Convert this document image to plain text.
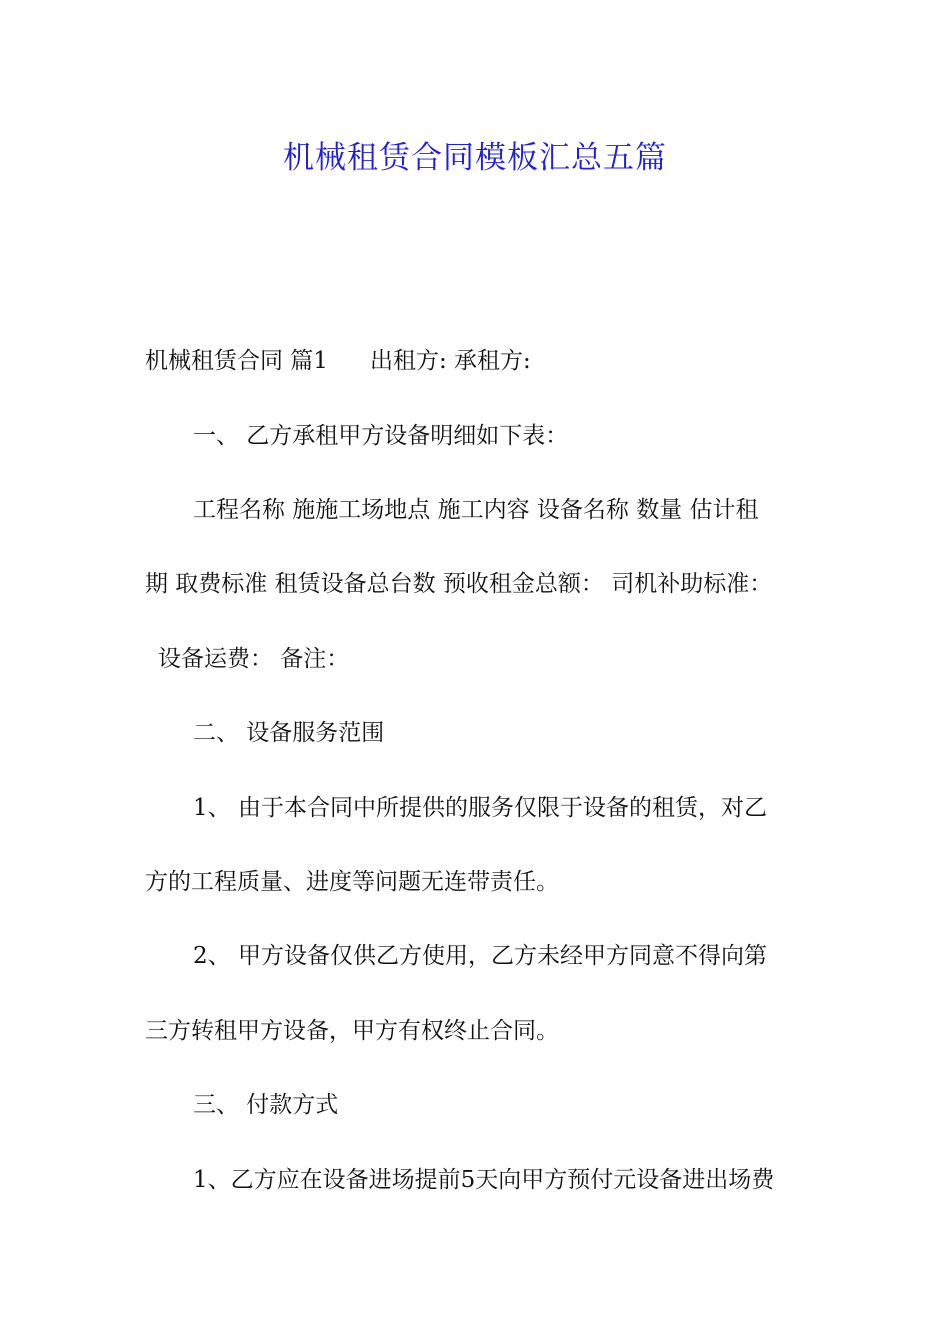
机械租赁合同模板汇总五篇
机械租赁合同 篇1 出租方: 承租方:
一、 乙方承租甲方设备明细如下表：
工程名称 施施工场地点 施工内容 设备名称 数量 估计租
期 取费标准 租赁设备总台数 预收租金总额： 司机补助标准：
设备运费： 备注：
二、 设备服务范围
1、 由于本合同中所提供的服务仅限于设备的租赁，对乙
方的工程质量、进度等问题无连带责任。
2、 甲方设备仅供乙方使用，乙方未经甲方同意不得向第
三方转租甲方设备，甲方有权终止合同。
三、 付款方式
1、乙方应在设备进场提前5天向甲方预付元设备进出场费
